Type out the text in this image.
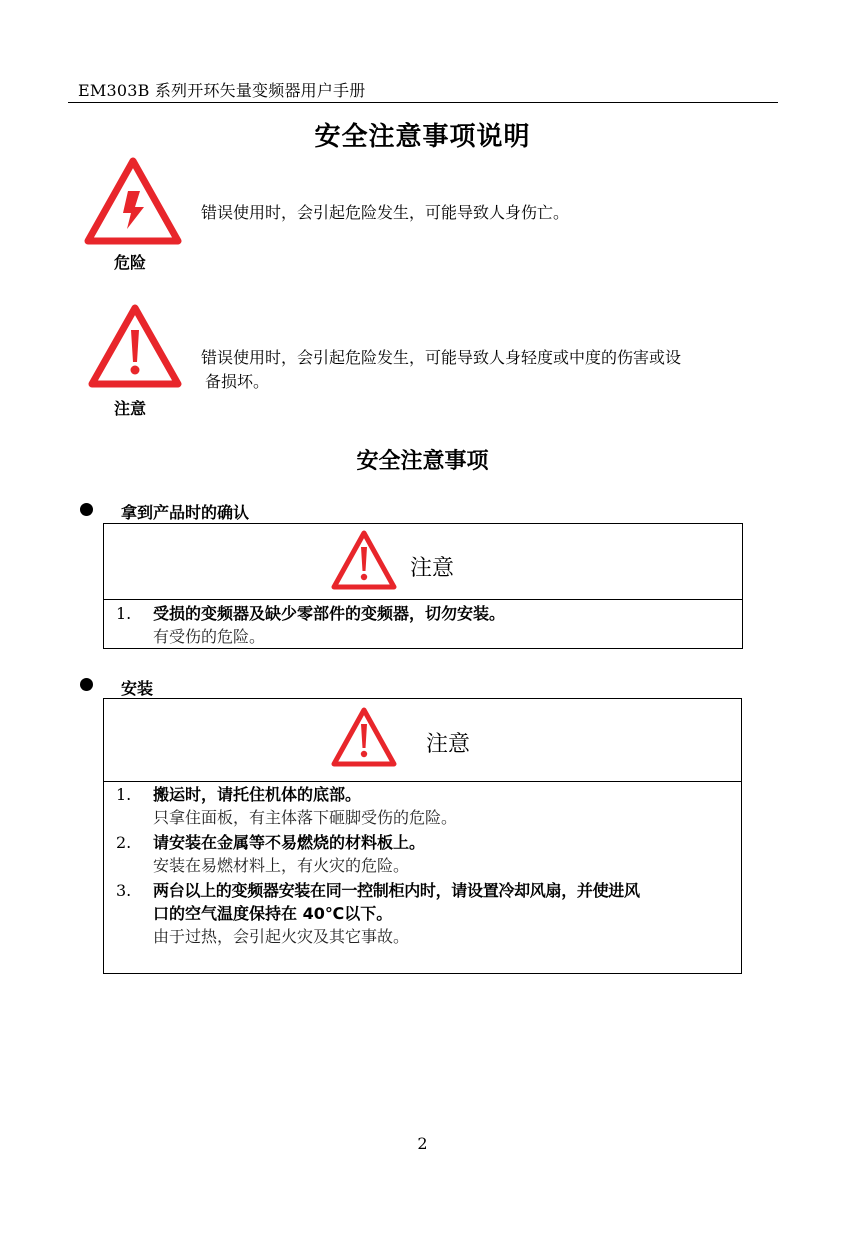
EM303B 系列开环矢量变频器用户手册
安全注意事项说明
危险
错误使用时，会引起危险发生，可能导致人身伤亡。
注意
错误使用时，会引起危险发生，可能导致人身轻度或中度的伤害或设
备损坏。
安全注意事项
拿到产品时的确认
注意
1. 受损的变频器及缺少零部件的变频器，切勿安装。
有受伤的危险。
安装
注意
1. 搬运时，请托住机体的底部。
只拿住面板，有主体落下砸脚受伤的危险。
2. 请安装在金属等不易燃烧的材料板上。
安装在易燃材料上，有火灾的危险。
3. 两台以上的变频器安装在同一控制柜内时，请设置冷却风扇，并使进风
口的空气温度保持在 40℃以下。
由于过热，会引起火灾及其它事故。
2
